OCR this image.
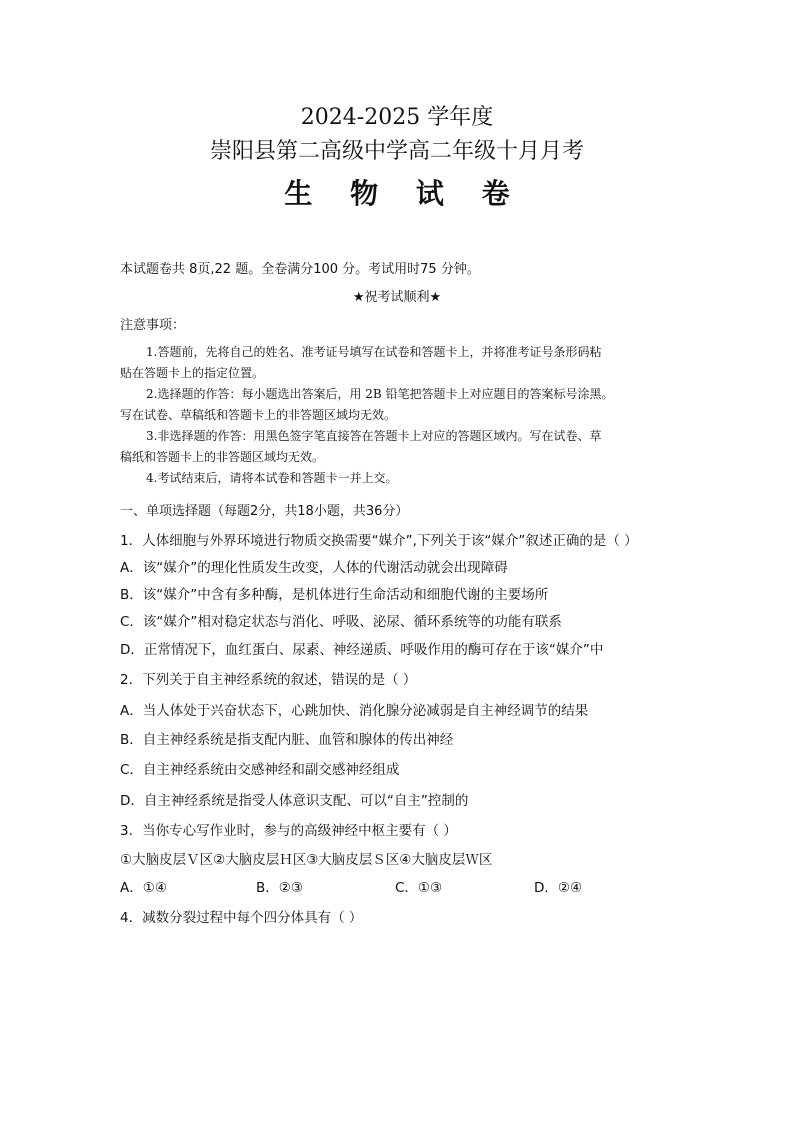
2024-2025 学年度
崇阳县第二高级中学高二年级十月月考
生 物 试 卷
本试题卷共 8页,22 题。全卷满分100 分。考试用时75 分钟。
★祝考试顺利★
注意事项：
1.答题前，先将自己的姓名、准考证号填写在试卷和答题卡上，并将准考证号条形码粘
贴在答题卡上的指定位置。
2.选择题的作答：每小题选出答案后，用 2B 铅笔把答题卡上对应题目的答案标号涂黑。
写在试卷、草稿纸和答题卡上的非答题区域均无效。
3.非选择题的作答：用黑色签字笔直接答在答题卡上对应的答题区域内。写在试卷、草
稿纸和答题卡上的非答题区域均无效。
4.考试结束后，请将本试卷和答题卡一并上交。
一、单项选择题（每题2分，共18小题，共36分）
1．人体细胞与外界环境进行物质交换需要“媒介”,下列关于该“媒介”叙述正确的是（ ）
A．该“媒介”的理化性质发生改变，人体的代谢活动就会出现障碍
B．该“媒介”中含有多种酶，是机体进行生命活动和细胞代谢的主要场所
C．该“媒介”相对稳定状态与消化、呼吸、泌尿、循环系统等的功能有联系
D．正常情况下，血红蛋白、尿素、神经递质、呼吸作用的酶可存在于该“媒介”中
2．下列关于自主神经系统的叙述，错误的是（ ）
A．当人体处于兴奋状态下，心跳加快、消化腺分泌减弱是自主神经调节的结果
B．自主神经系统是指支配内脏、血管和腺体的传出神经
C．自主神经系统由交感神经和副交感神经组成
D．自主神经系统是指受人体意识支配、可以“自主”控制的
3．当你专心写作业时，参与的高级神经中枢主要有（ ）
①大脑皮层Ｖ区②大脑皮层Ｈ区③大脑皮层Ｓ区④大脑皮层Ｗ区
A．①④	B．②③	C．①③	D．②④
4．减数分裂过程中每个四分体具有（ ）
